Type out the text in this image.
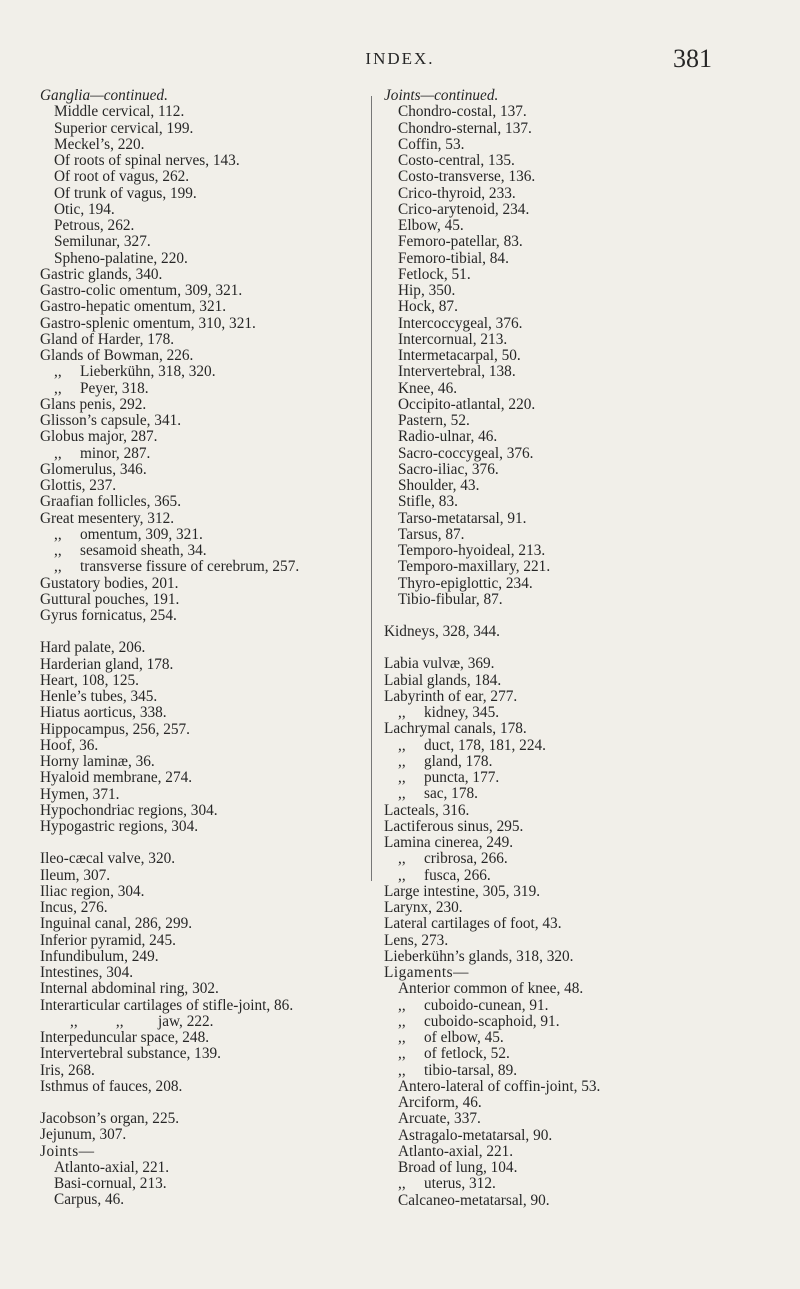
INDEX.	381
Ganglia—continued.
Middle cervical, 112.
Superior cervical, 199.
Meckel’s, 220.
Of roots of spinal nerves, 143.
Of root of vagus, 262.
Of trunk of vagus, 199.
Otic, 194.
Petrous, 262.
Semilunar, 327.
Spheno-palatine, 220.
Gastric glands, 340.
Gastro-colic omentum, 309, 321.
Gastro-hepatic omentum, 321.
Gastro-splenic omentum, 310, 321.
Gland of Harder, 178.
Glands of Bowman, 226.
,, Lieberkühn, 318, 320.
,, Peyer, 318.
Glans penis, 292.
Glisson’s capsule, 341.
Globus major, 287.
,, minor, 287.
Glomerulus, 346.
Glottis, 237.
Graafian follicles, 365.
Great mesentery, 312.
,, omentum, 309, 321.
,, sesamoid sheath, 34.
,, transverse fissure of cerebrum, 257.
Gustatory bodies, 201.
Guttural pouches, 191.
Gyrus fornicatus, 254.
Hard palate, 206.
Harderian gland, 178.
Heart, 108, 125.
Henle’s tubes, 345.
Hiatus aorticus, 338.
Hippocampus, 256, 257.
Hoof, 36.
Horny laminæ, 36.
Hyaloid membrane, 274.
Hymen, 371.
Hypochondriac regions, 304.
Hypogastric regions, 304.
Ileo-cæcal valve, 320.
Ileum, 307.
Iliac region, 304.
Incus, 276.
Inguinal canal, 286, 299.
Inferior pyramid, 245.
Infundibulum, 249.
Intestines, 304.
Internal abdominal ring, 302.
Interarticular cartilages of stifle-joint, 86.
,,          ,,         jaw, 222.
Interpeduncular space, 248.
Intervertebral substance, 139.
Iris, 268.
Isthmus of fauces, 208.
Jacobson’s organ, 225.
Jejunum, 307.
Joints—
Atlanto-axial, 221.
Basi-cornual, 213.
Carpus, 46.
Joints—continued.
Chondro-costal, 137.
Chondro-sternal, 137.
Coffin, 53.
Costo-central, 135.
Costo-transverse, 136.
Crico-thyroid, 233.
Crico-arytenoid, 234.
Elbow, 45.
Femoro-patellar, 83.
Femoro-tibial, 84.
Fetlock, 51.
Hip, 350.
Hock, 87.
Intercoccygeal, 376.
Intercornual, 213.
Intermetacarpal, 50.
Intervertebral, 138.
Knee, 46.
Occipito-atlantal, 220.
Pastern, 52.
Radio-ulnar, 46.
Sacro-coccygeal, 376.
Sacro-iliac, 376.
Shoulder, 43.
Stifle, 83.
Tarso-metatarsal, 91.
Tarsus, 87.
Temporo-hyoideal, 213.
Temporo-maxillary, 221.
Thyro-epiglottic, 234.
Tibio-fibular, 87.
Kidneys, 328, 344.
Labia vulvæ, 369.
Labial glands, 184.
Labyrinth of ear, 277.
,, kidney, 345.
Lachrymal canals, 178.
,, duct, 178, 181, 224.
,, gland, 178.
,, puncta, 177.
,, sac, 178.
Lacteals, 316.
Lactiferous sinus, 295.
Lamina cinerea, 249.
,, cribrosa, 266.
,, fusca, 266.
Large intestine, 305, 319.
Larynx, 230.
Lateral cartilages of foot, 43.
Lens, 273.
Lieberkühn’s glands, 318, 320.
Ligaments—
Anterior common of knee, 48.
,, cuboido-cunean, 91.
,, cuboido-scaphoid, 91.
,, of elbow, 45.
,, of fetlock, 52.
,, tibio-tarsal, 89.
Antero-lateral of coffin-joint, 53.
Arciform, 46.
Arcuate, 337.
Astragalo-metatarsal, 90.
Atlanto-axial, 221.
Broad of lung, 104.
,, uterus, 312.
Calcaneo-metatarsal, 90.
